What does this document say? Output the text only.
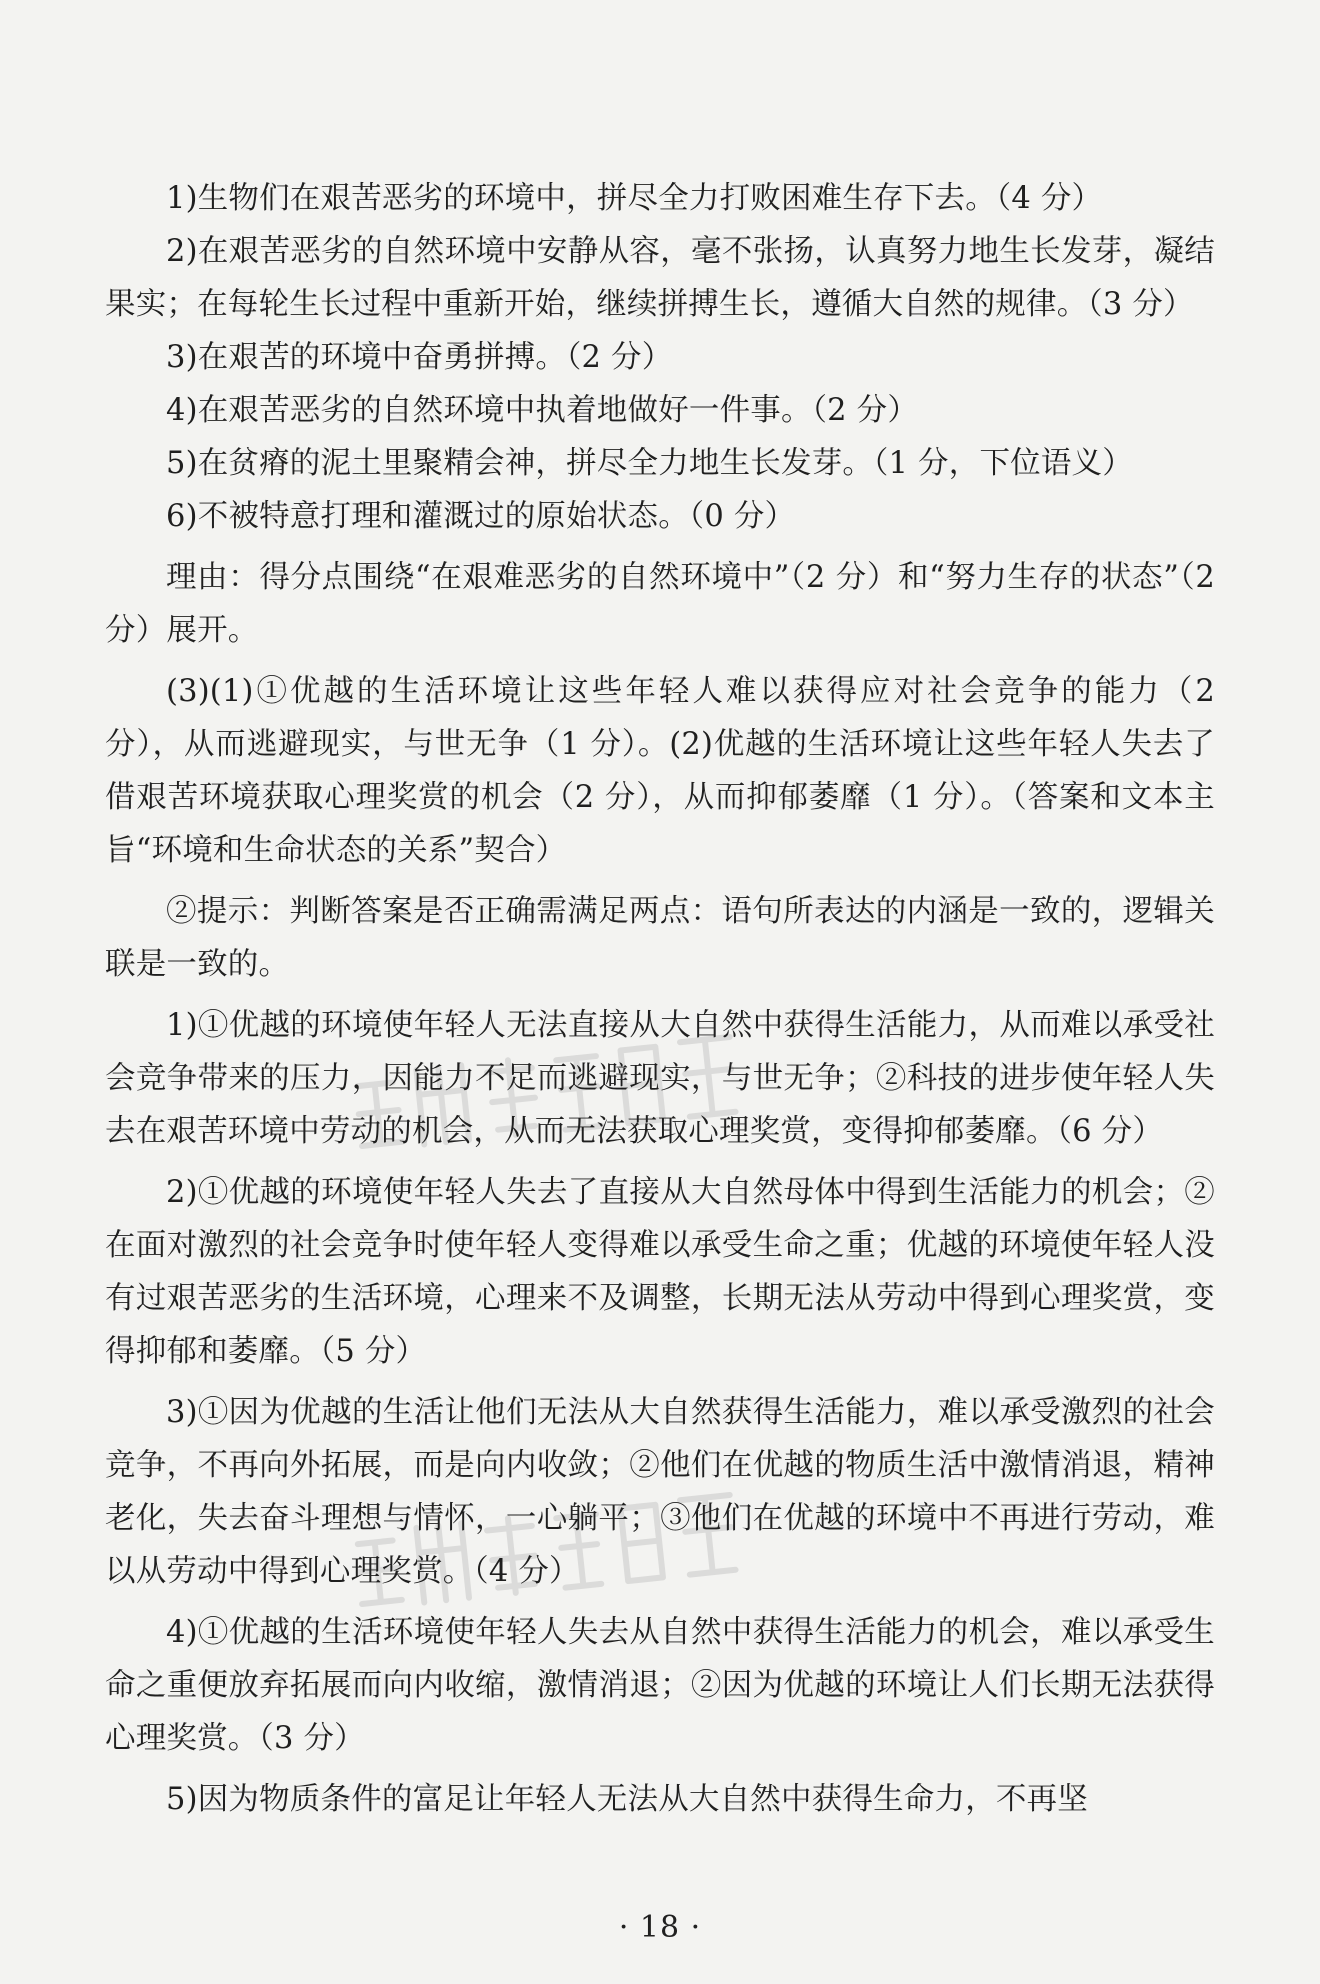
1)生物们在艰苦恶劣的环境中，拼尽全力打败困难生存下去。（4 分）

2)在艰苦恶劣的自然环境中安静从容，毫不张扬，认真努力地生长发芽，凝结果实；在每轮生长过程中重新开始，继续拼搏生长，遵循大自然的规律。（3 分）

3)在艰苦的环境中奋勇拼搏。（2 分）

4)在艰苦恶劣的自然环境中执着地做好一件事。（2 分）

5)在贫瘠的泥土里聚精会神，拼尽全力地生长发芽。（1 分，下位语义）

6)不被特意打理和灌溉过的原始状态。（0 分）

理由：得分点围绕“在艰难恶劣的自然环境中”（2 分）和“努力生存的状态”（2 分）展开。

(3)(1)①优越的生活环境让这些年轻人难以获得应对社会竞争的能力（2 分），从而逃避现实，与世无争（1 分）。(2)优越的生活环境让这些年轻人失去了借艰苦环境获取心理奖赏的机会（2 分），从而抑郁萎靡（1 分）。（答案和文本主旨“环境和生命状态的关系”契合）

②提示：判断答案是否正确需满足两点：语句所表达的内涵是一致的，逻辑关联是一致的。

1)①优越的环境使年轻人无法直接从大自然中获得生活能力，从而难以承受社会竞争带来的压力，因能力不足而逃避现实，与世无争；②科技的进步使年轻人失去在艰苦环境中劳动的机会，从而无法获取心理奖赏，变得抑郁萎靡。（6 分）

2)①优越的环境使年轻人失去了直接从大自然母体中得到生活能力的机会；②在面对激烈的社会竞争时使年轻人变得难以承受生命之重；优越的环境使年轻人没有过艰苦恶劣的生活环境，心理来不及调整，长期无法从劳动中得到心理奖赏，变得抑郁和萎靡。（5 分）

3)①因为优越的生活让他们无法从大自然获得生活能力，难以承受激烈的社会竞争，不再向外拓展，而是向内收敛；②他们在优越的物质生活中激情消退，精神老化，失去奋斗理想与情怀，一心躺平；③他们在优越的环境中不再进行劳动，难以从劳动中得到心理奖赏。（4 分）

4)①优越的生活环境使年轻人失去从自然中获得生活能力的机会，难以承受生命之重便放弃拓展而向内收缩，激情消退；②因为优越的环境让人们长期无法获得心理奖赏。（3 分）

5)因为物质条件的富足让年轻人无法从大自然中获得生命力，不再坚

· 18 ·
